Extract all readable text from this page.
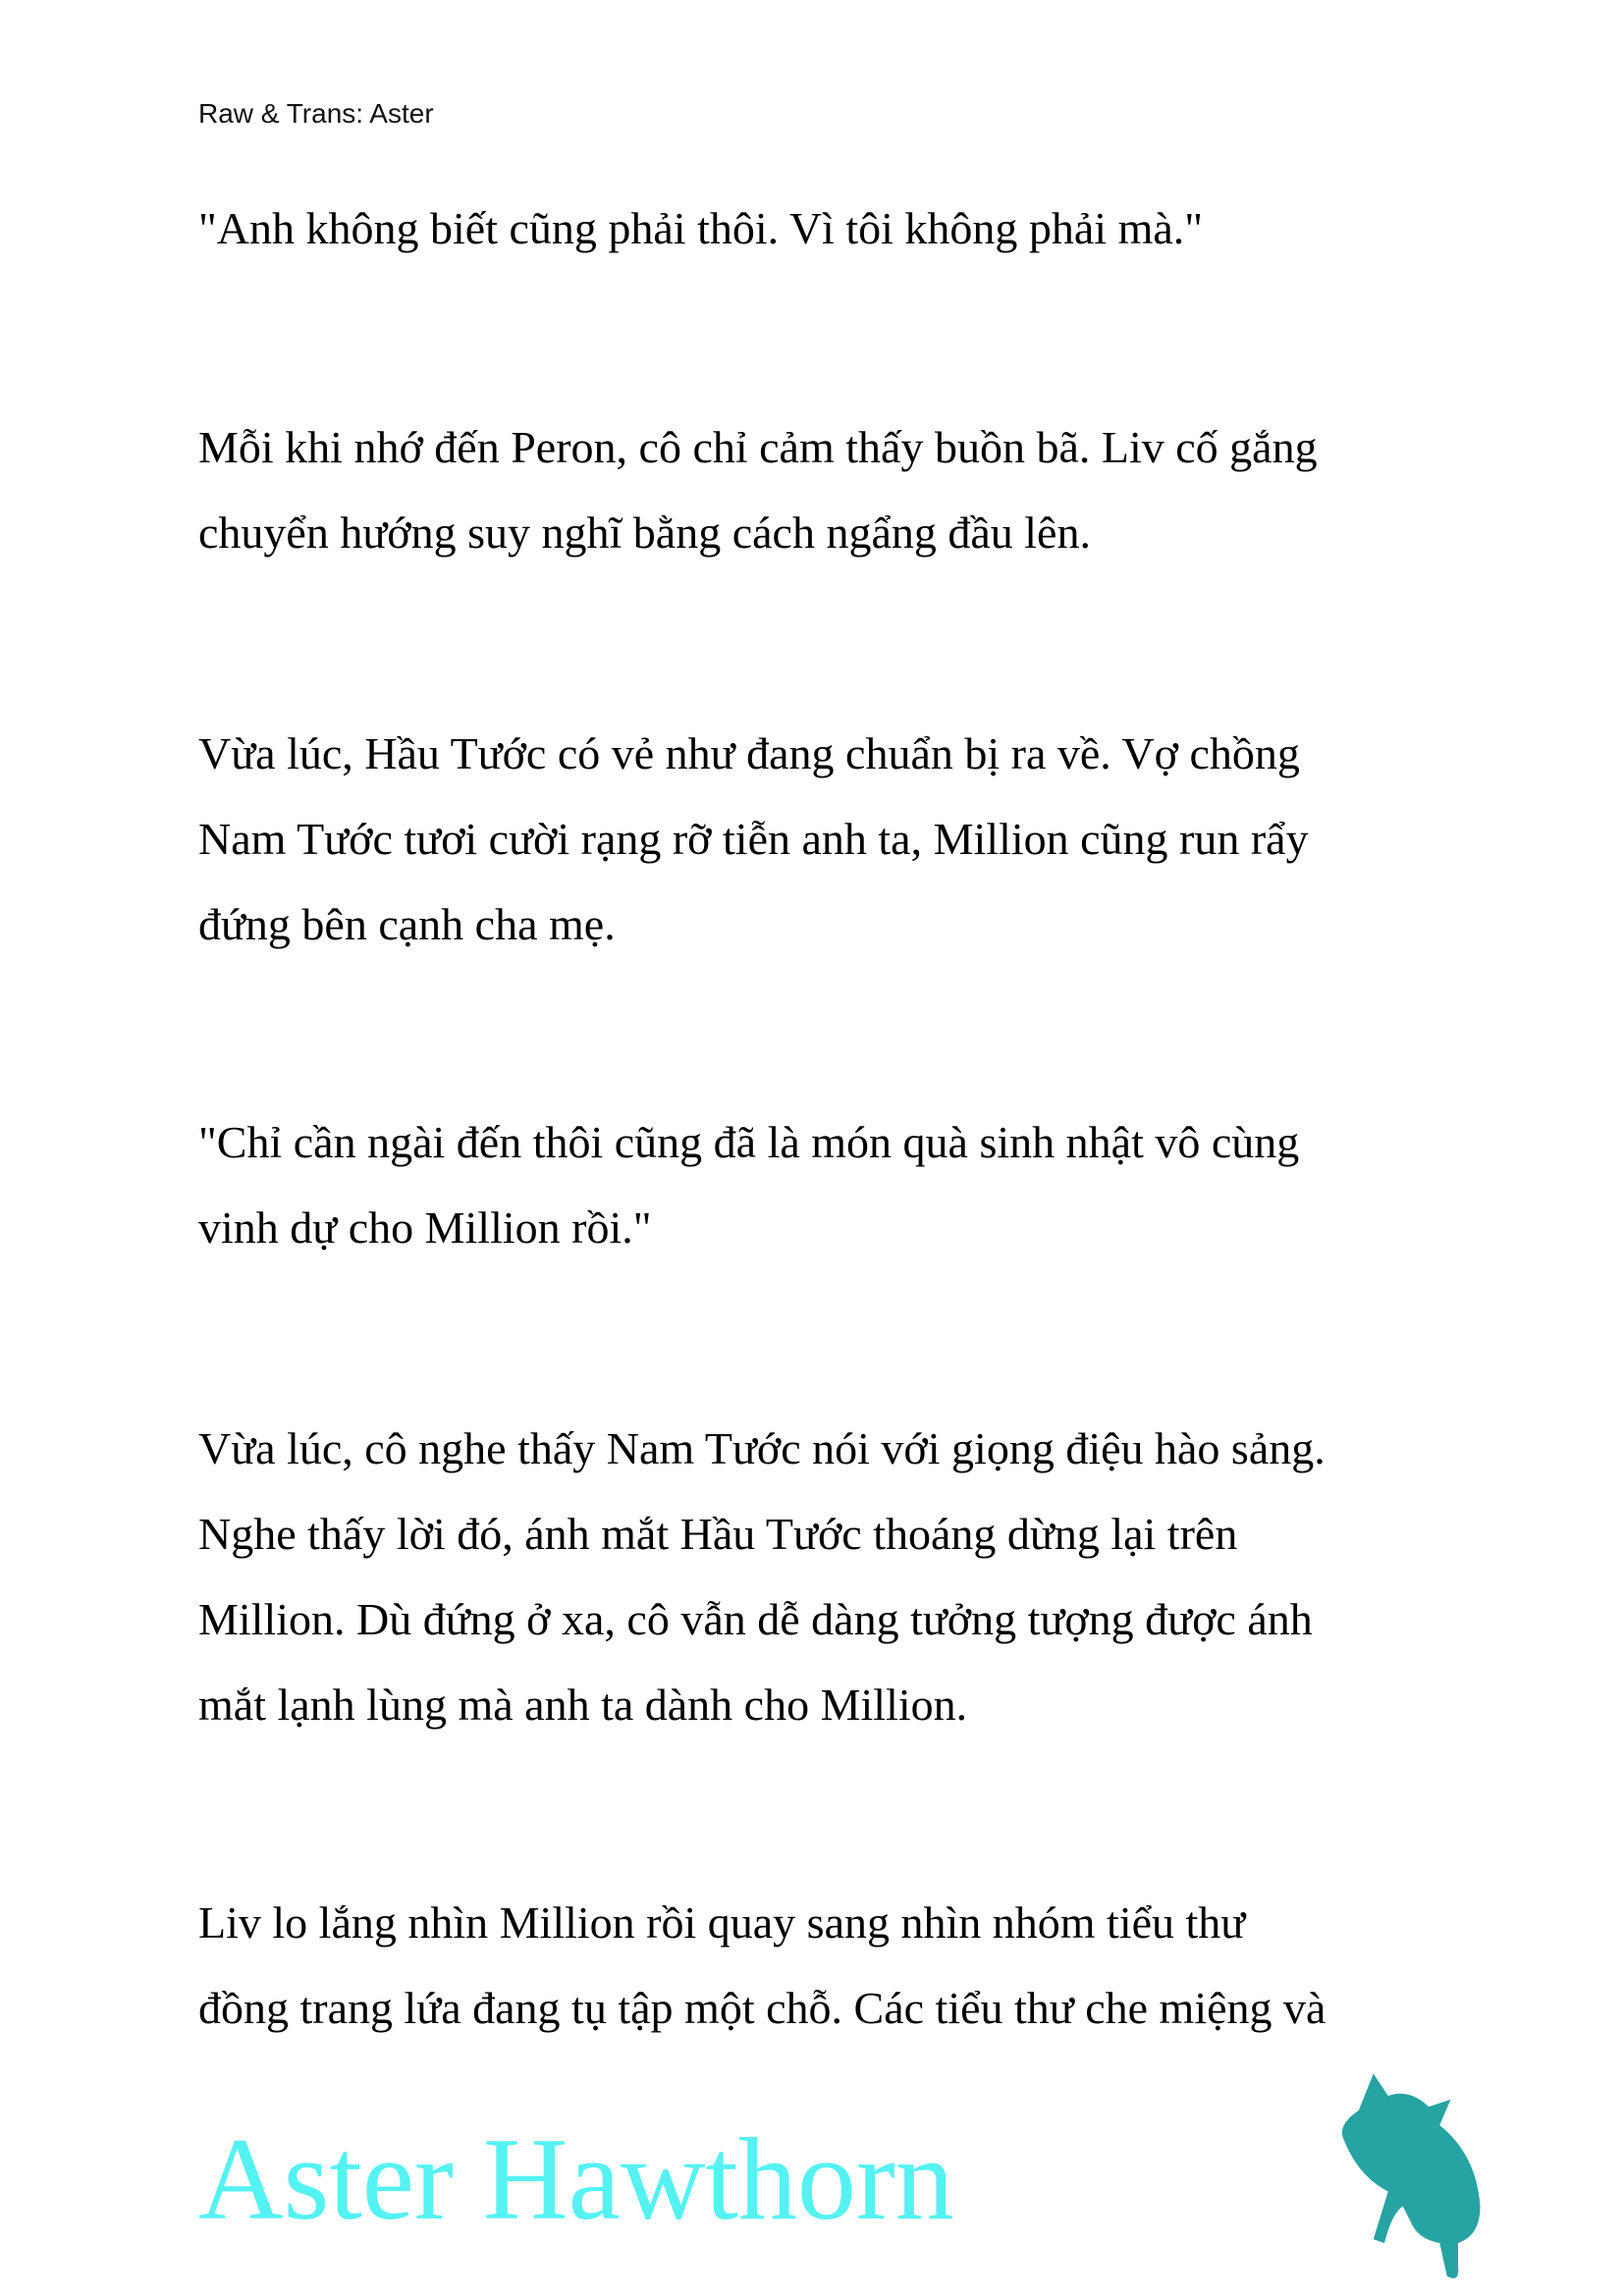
Raw & Trans: Aster
"Anh không biết cũng phải thôi. Vì tôi không phải mà."
Mỗi khi nhớ đến Peron, cô chỉ cảm thấy buồn bã. Liv cố gắng
chuyển hướng suy nghĩ bằng cách ngẩng đầu lên.
Vừa lúc, Hầu Tước có vẻ như đang chuẩn bị ra về. Vợ chồng
Nam Tước tươi cười rạng rỡ tiễn anh ta, Million cũng run rẩy
đứng bên cạnh cha mẹ.
"Chỉ cần ngài đến thôi cũng đã là món quà sinh nhật vô cùng
vinh dự cho Million rồi."
Vừa lúc, cô nghe thấy Nam Tước nói với giọng điệu hào sảng.
Nghe thấy lời đó, ánh mắt Hầu Tước thoáng dừng lại trên
Million. Dù đứng ở xa, cô vẫn dễ dàng tưởng tượng được ánh
mắt lạnh lùng mà anh ta dành cho Million.
Liv lo lắng nhìn Million rồi quay sang nhìn nhóm tiểu thư
đồng trang lứa đang tụ tập một chỗ. Các tiểu thư che miệng và
Aster Hawthorn
